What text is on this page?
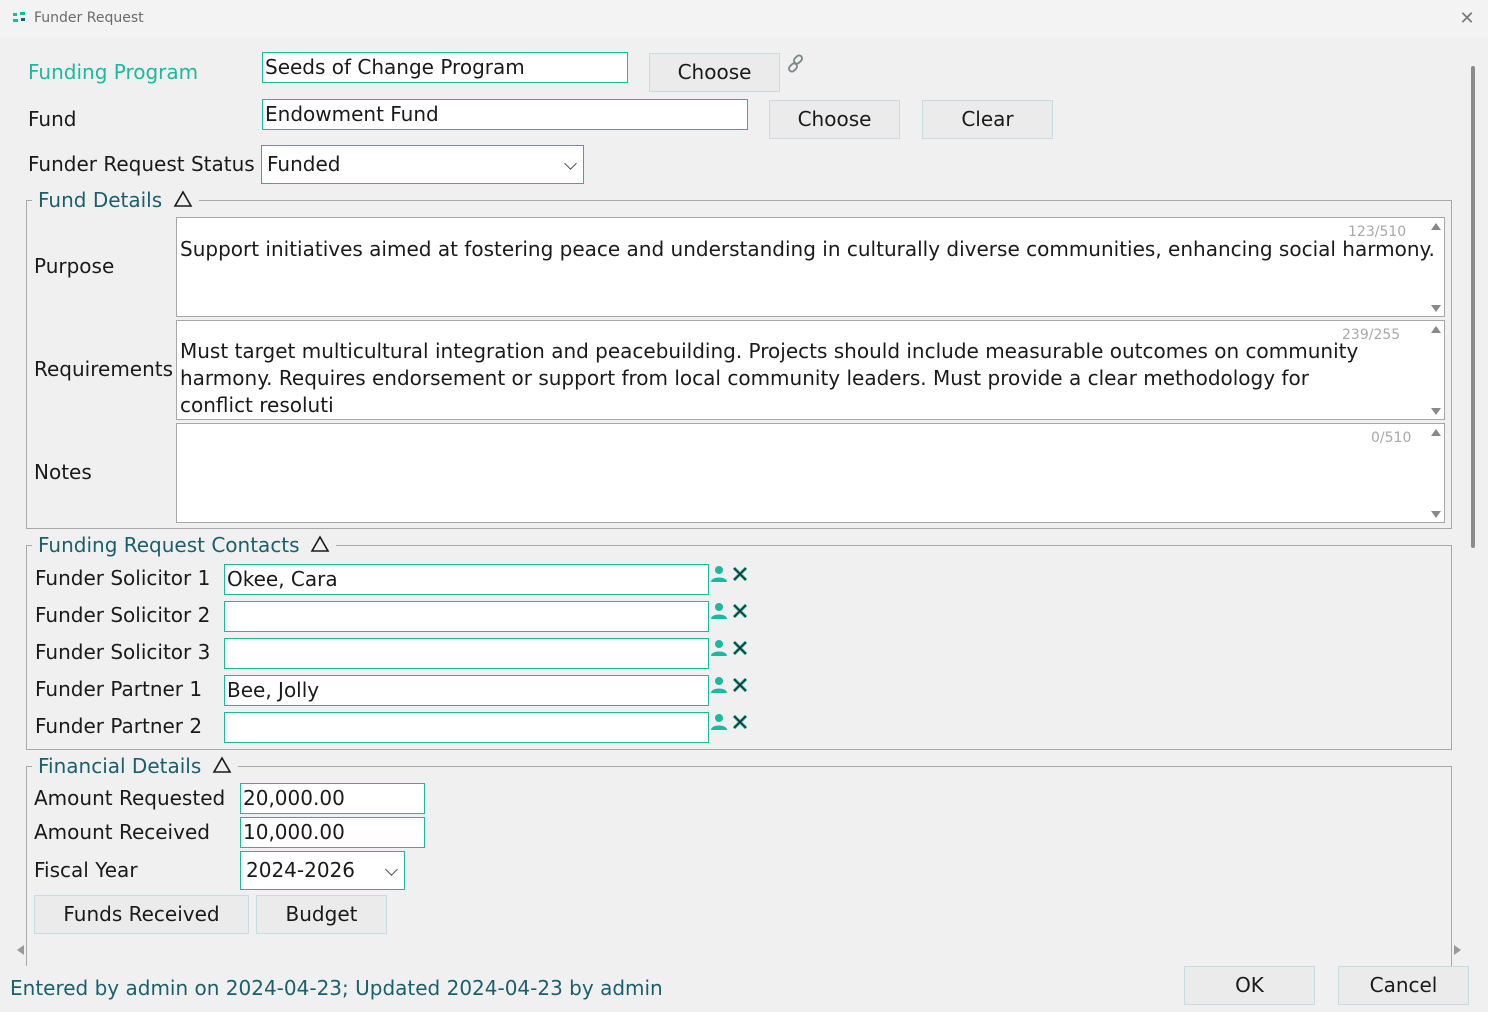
Funder Request	✕
Funding Program	Seeds of Change Program	Choose
Fund	Endowment Fund	Choose	Clear
Funder Request Status Funded
Fund Details
Purpose
Support initiatives aimed at fostering peace and understanding in culturally diverse communities, enhancing social harmony.
123/510
Requirements
Must target multicultural integration and peacebuilding. Projects should include measurable outcomes on community harmony. Requires endorsement or support from local community leaders. Must provide a clear methodology for conflict resoluti
239/255
Notes
0/510
Funding Request Contacts
Funder Solicitor 1 Okee, Cara
Funder Solicitor 2
Funder Solicitor 3
Funder Partner 1 Bee, Jolly
Funder Partner 2
Financial Details
Amount Requested 20,000.00
Amount Received 10,000.00
Fiscal Year	2024-2026
Funds Received	Budget
Entered by admin on 2024-04-23; Updated 2024-04-23 by admin	OK	Cancel
